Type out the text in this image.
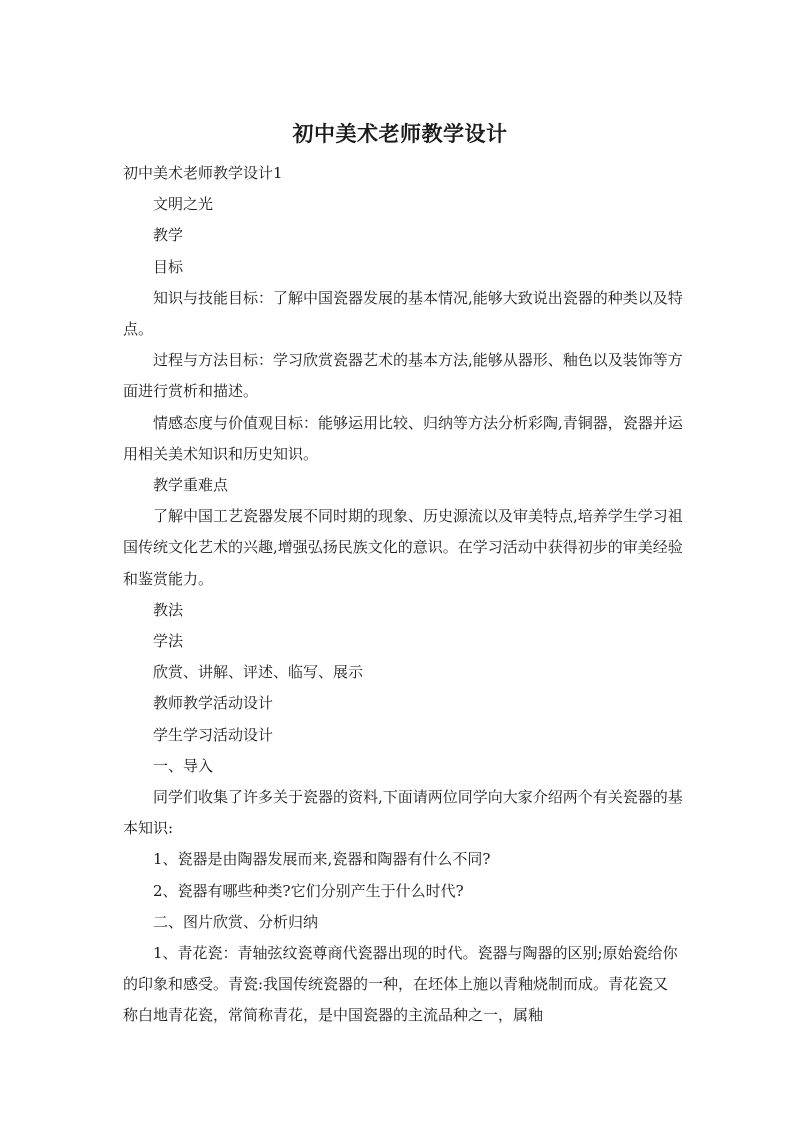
初中美术老师教学设计

初中美术老师教学设计1

文明之光

教学

目标

知识与技能目标：了解中国瓷器发展的基本情况,能够大致说出瓷器的种类以及特点。

过程与方法目标：学习欣赏瓷器艺术的基本方法,能够从器形、釉色以及装饰等方面进行赏析和描述。

情感态度与价值观目标：能够运用比较、归纳等方法分析彩陶,青铜器，瓷器并运用相关美术知识和历史知识。

教学重难点

了解中国工艺瓷器发展不同时期的现象、历史源流以及审美特点,培养学生学习祖国传统文化艺术的兴趣,增强弘扬民族文化的意识。在学习活动中获得初步的审美经验和鉴赏能力。

教法

学法

欣赏、讲解、评述、临写、展示

教师教学活动设计

学生学习活动设计

一、导入

同学们收集了许多关于瓷器的资料,下面请两位同学向大家介绍两个有关瓷器的基本知识:

1、瓷器是由陶器发展而来,瓷器和陶器有什么不同?

2、瓷器有哪些种类?它们分别产生于什么时代?

二、图片欣赏、分析归纳

1、青花瓷：青轴弦纹瓷尊商代瓷器出现的时代。瓷器与陶器的区别;原始瓷给你的印象和感受。青瓷:我国传统瓷器的一种，在坯体上施以青釉烧制而成。青花瓷又称白地青花瓷，常简称青花，是中国瓷器的主流品种之一，属釉
